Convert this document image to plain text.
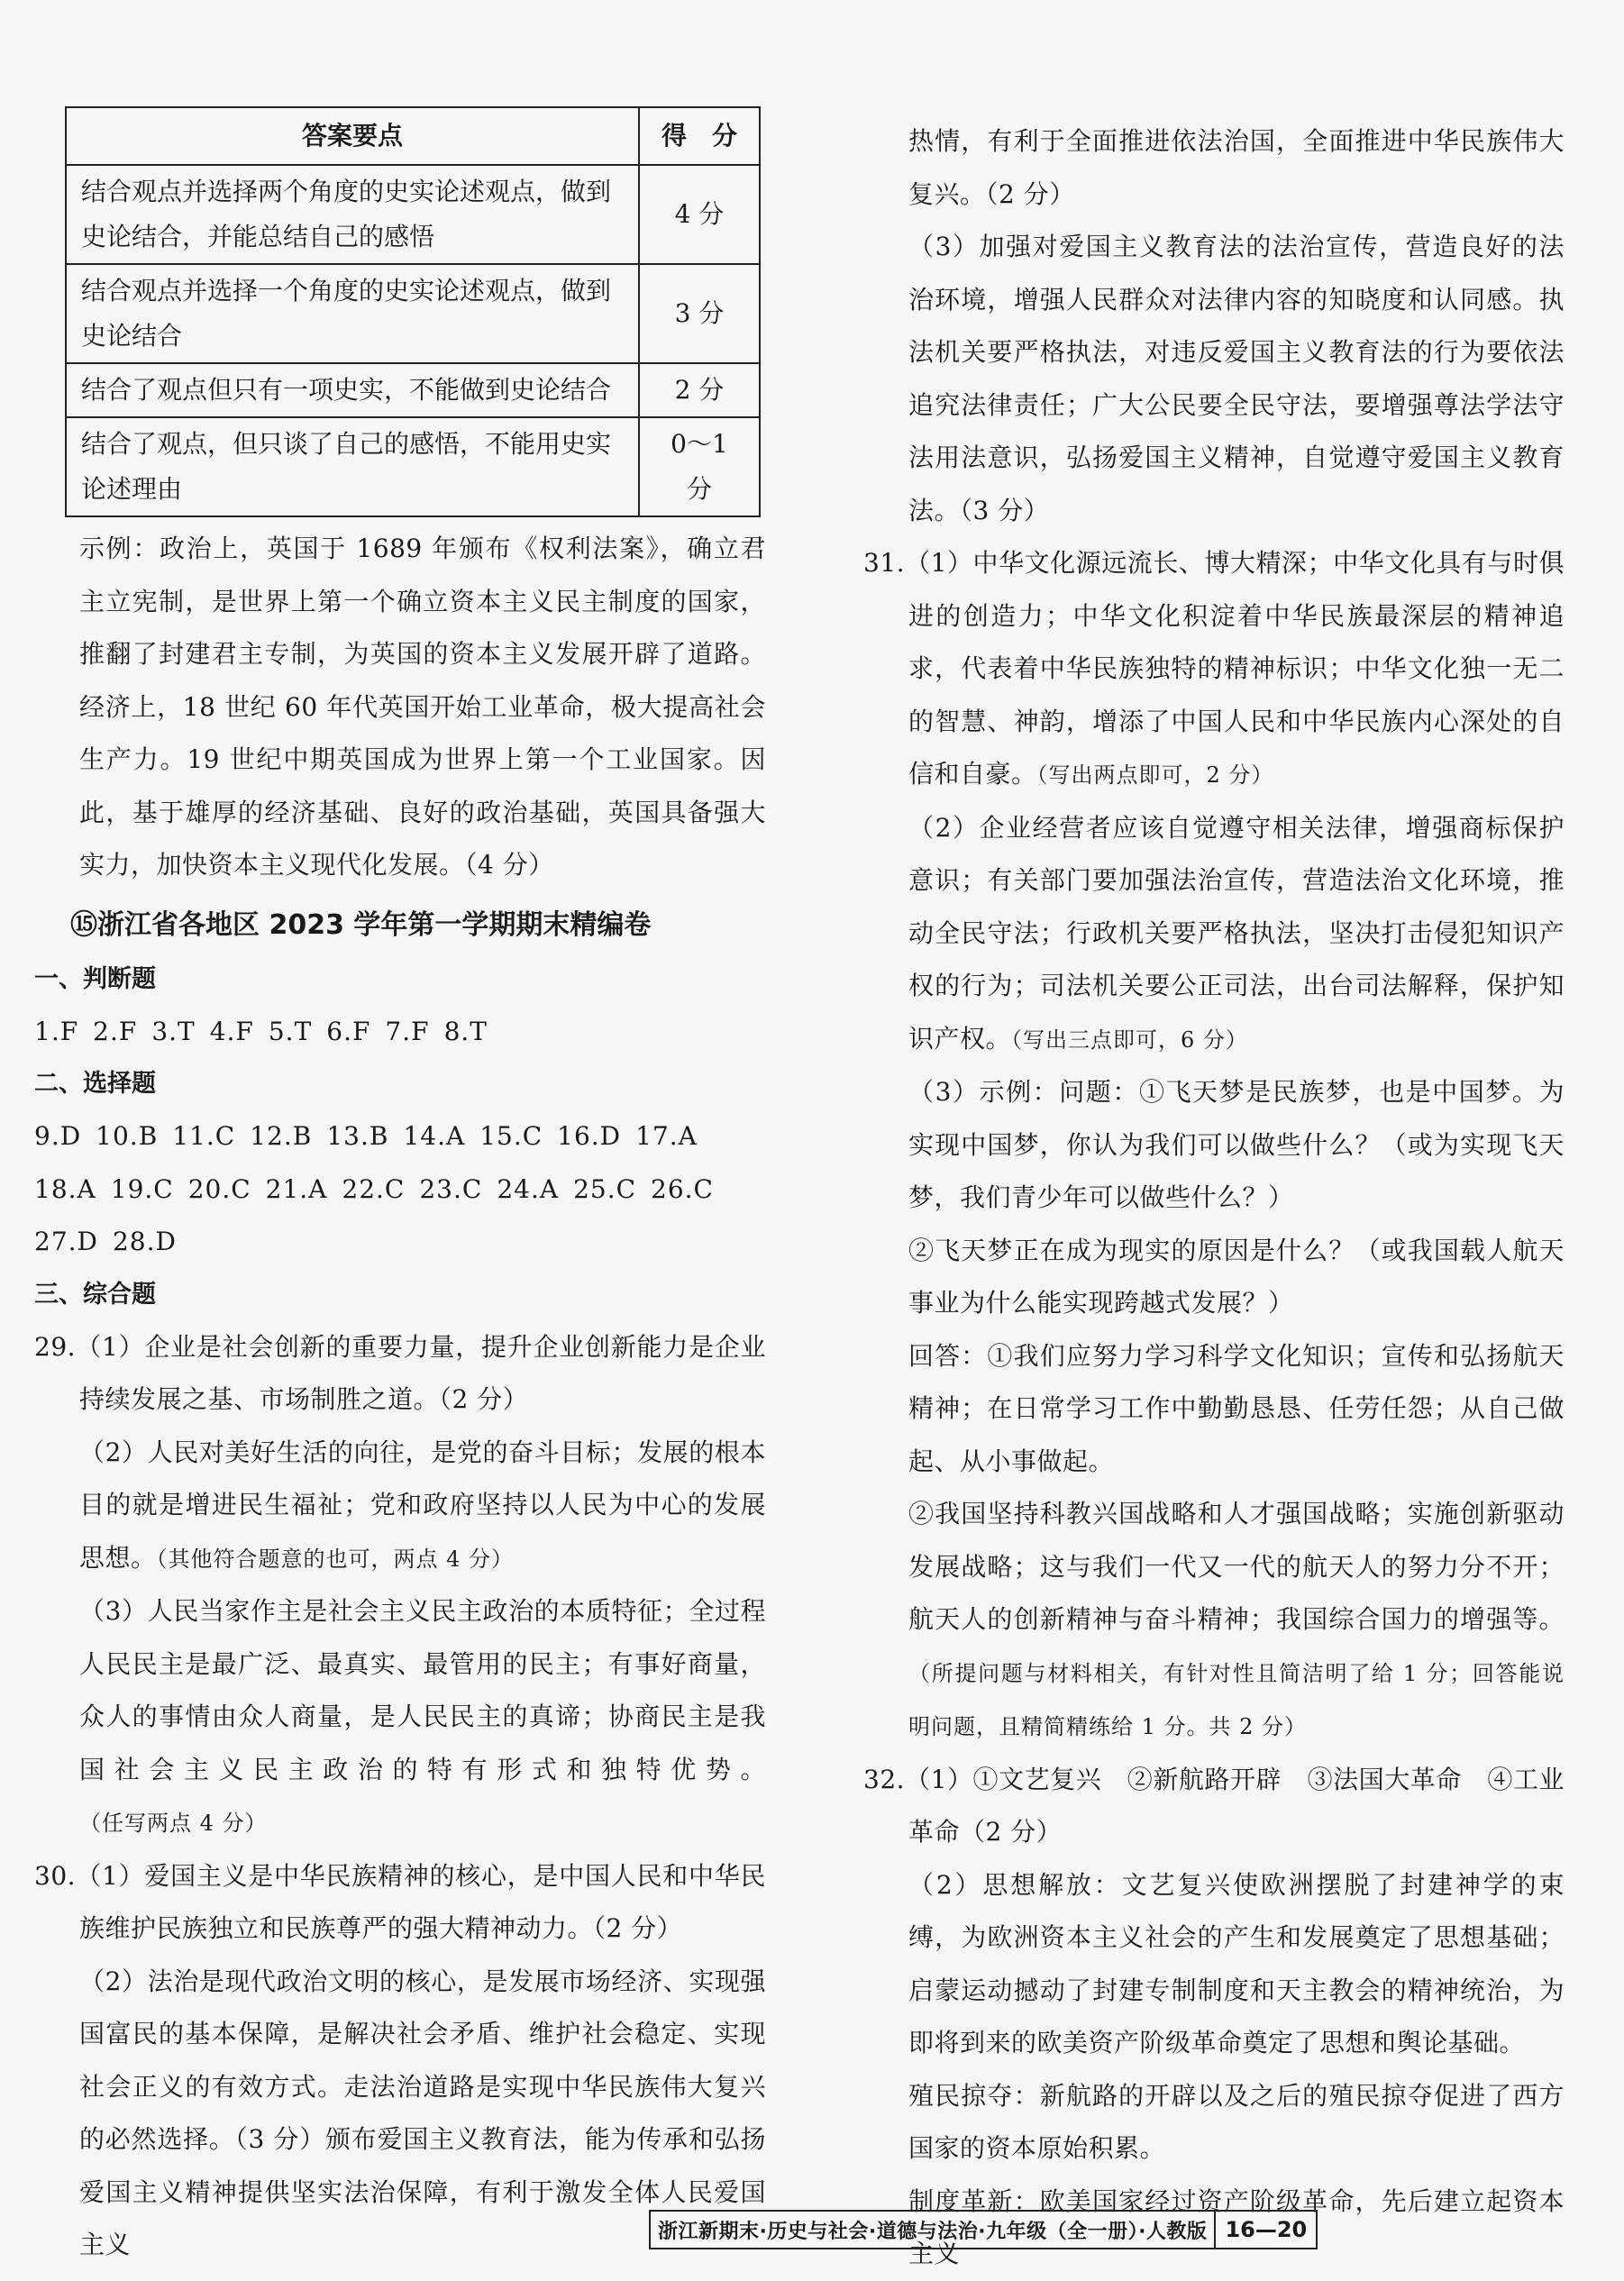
答案要点	得　分
结合观点并选择两个角度的史实论述观点，做到史论结合，并能总结自己的感悟	4 分
结合观点并选择一个角度的史实论述观点，做到史论结合	3 分
结合了观点但只有一项史实，不能做到史论结合	2 分
结合了观点，但只谈了自己的感悟，不能用史实论述理由	0～1 分

示例：政治上，英国于 1689 年颁布《权利法案》，确立君主立宪制，是世界上第一个确立资本主义民主制度的国家，推翻了封建君主专制，为英国的资本主义发展开辟了道路。经济上，18 世纪 60 年代英国开始工业革命，极大提高社会生产力。19 世纪中期英国成为世界上第一个工业国家。因此，基于雄厚的经济基础、良好的政治基础，英国具备强大实力，加快资本主义现代化发展。（4 分）

⑮浙江省各地区 2023 学年第一学期期末精编卷

一、判断题

1.F 2.F 3.T 4.F 5.T 6.F 7.F 8.T

二、选择题

9.D 10.B 11.C 12.B 13.B 14.A 15.C 16.D 17.A

18.A 19.C 20.C 21.A 22.C 23.C 24.A 25.C 26.C

27.D 28.D

三、综合题

29.（1）企业是社会创新的重要力量，提升企业创新能力是企业持续发展之基、市场制胜之道。（2 分）

（2）人民对美好生活的向往，是党的奋斗目标；发展的根本目的就是增进民生福祉；党和政府坚持以人民为中心的发展思想。（其他符合题意的也可，两点 4 分）

（3）人民当家作主是社会主义民主政治的本质特征；全过程人民民主是最广泛、最真实、最管用的民主；有事好商量，众人的事情由众人商量，是人民民主的真谛；协商民主是我国社会主义民主政治的特有形式和独特优势。（任写两点 4 分）

30.（1）爱国主义是中华民族精神的核心，是中国人民和中华民族维护民族独立和民族尊严的强大精神动力。（2 分）

（2）法治是现代政治文明的核心，是发展市场经济、实现强国富民的基本保障，是解决社会矛盾、维护社会稳定、实现社会正义的有效方式。走法治道路是实现中华民族伟大复兴的必然选择。（3 分）颁布爱国主义教育法，能为传承和弘扬爱国主义精神提供坚实法治保障，有利于激发全体人民爱国主义

热情，有利于全面推进依法治国，全面推进中华民族伟大复兴。（2 分）

（3）加强对爱国主义教育法的法治宣传，营造良好的法治环境，增强人民群众对法律内容的知晓度和认同感。执法机关要严格执法，对违反爱国主义教育法的行为要依法追究法律责任；广大公民要全民守法，要增强尊法学法守法用法意识，弘扬爱国主义精神，自觉遵守爱国主义教育法。（3 分）

31.（1）中华文化源远流长、博大精深；中华文化具有与时俱进的创造力；中华文化积淀着中华民族最深层的精神追求，代表着中华民族独特的精神标识；中华文化独一无二的智慧、神韵，增添了中国人民和中华民族内心深处的自信和自豪。（写出两点即可，2 分）

（2）企业经营者应该自觉遵守相关法律，增强商标保护意识；有关部门要加强法治宣传，营造法治文化环境，推动全民守法；行政机关要严格执法，坚决打击侵犯知识产权的行为；司法机关要公正司法，出台司法解释，保护知识产权。（写出三点即可，6 分）

（3）示例：问题：①飞天梦是民族梦，也是中国梦。为实现中国梦，你认为我们可以做些什么？（或为实现飞天梦，我们青少年可以做些什么？）

②飞天梦正在成为现实的原因是什么？（或我国载人航天事业为什么能实现跨越式发展？）

回答：①我们应努力学习科学文化知识；宣传和弘扬航天精神；在日常学习工作中勤勤恳恳、任劳任怨；从自己做起、从小事做起。

②我国坚持科教兴国战略和人才强国战略；实施创新驱动发展战略；这与我们一代又一代的航天人的努力分不开；航天人的创新精神与奋斗精神；我国综合国力的增强等。（所提问题与材料相关，有针对性且简洁明了给 1 分；回答能说明问题，且精简精练给 1 分。共 2 分）

32.（1）①文艺复兴　②新航路开辟　③法国大革命　④工业革命（2 分）

（2）思想解放：文艺复兴使欧洲摆脱了封建神学的束缚，为欧洲资本主义社会的产生和发展奠定了思想基础；启蒙运动撼动了封建专制制度和天主教会的精神统治，为即将到来的欧美资产阶级革命奠定了思想和舆论基础。

殖民掠夺：新航路的开辟以及之后的殖民掠夺促进了西方国家的资本原始积累。

制度革新：欧美国家经过资产阶级革命，先后建立起资本主义

浙江新期末·历史与社会·道德与法治·九年级（全一册）·人教版 16—20
